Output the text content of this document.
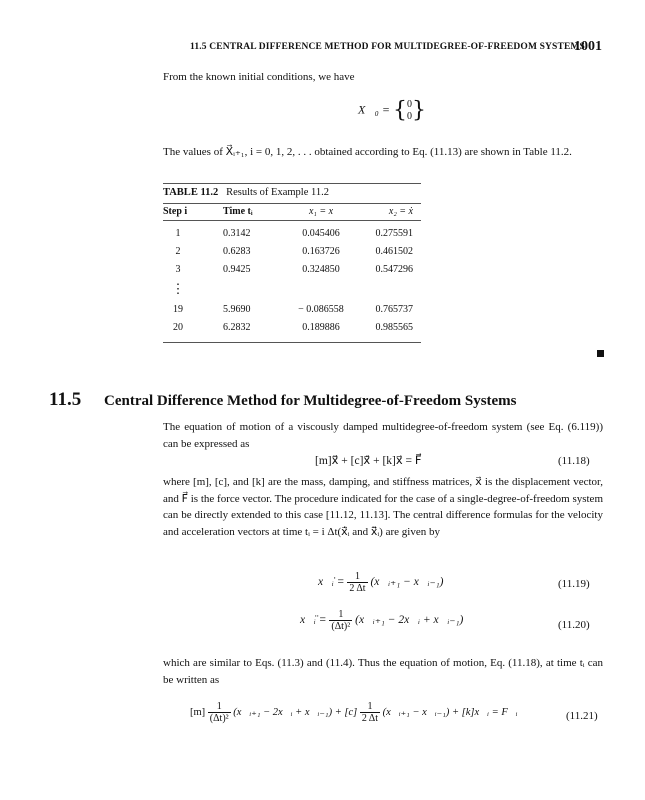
11.5 CENTRAL DIFFERENCE METHOD FOR MULTIDEGREE-OF-FREEDOM SYSTEMS
1001
From the known initial conditions, we have
X⃗₀ = { 0
0 }
The values of X⃗ᵢ₊₁, i = 0, 1, 2, . . . obtained according to Eq. (11.13) are shown in Table 11.2.
TABLE 11.2 Results of Example 11.2
Step i	Time tᵢ	x₁ = x	x₂ = ẋ
1	0.3142	0.045406	0.275591
2	0.6283	0.163726	0.461502
3	0.9425	0.324850	0.547296
⋮
19	5.9690	− 0.086558	0.765737
20	6.2832	0.189886	0.985565
11.5 Central Difference Method for Multidegree-of-Freedom Systems
The equation of motion of a viscously damped multidegree-of-freedom system (see Eq. (6.119)) can be expressed as
[m]x⃗̈ + [c]x⃗̇ + [k]x⃗ = F⃗	(11.18)
where [m], [c], and [k] are the mass, damping, and stiffness matrices, x⃗ is the displacement vector, and F⃗ is the force vector. The procedure indicated for the case of a single-degree-of-freedom system can be directly extended to this case [11.12, 11.13]. The central difference formulas for the velocity and acceleration vectors at time tᵢ = i Δt(x⃗̇ᵢ and x⃗̈ᵢ) are given by
x⃗̇ᵢ = $\frac{1}{2 \Delta t}$ (x⃗ᵢ₊₁ − x⃗ᵢ₋₁)	(11.19)
x⃗̈ᵢ = $\frac{1}{\text{(Δt)²}}$ (x⃗ᵢ₊₁ − 2x⃗ᵢ + x⃗ᵢ₋₁)	(11.20)
which are similar to Eqs. (11.3) and (11.4). Thus the equation of motion, Eq. (11.18), at time tᵢ can be written as
$[m] \frac{1}{\text{(Δt)²}}$ (x⃗ᵢ₊₁ − 2x⃗ᵢ + x⃗ᵢ₋₁) + $[c] \frac{1}{2 \Delta t}$ (x⃗ᵢ₊₁ − x⃗ᵢ₋₁) + [k]x⃗ᵢ = F⃗ᵢ	(11.21)
